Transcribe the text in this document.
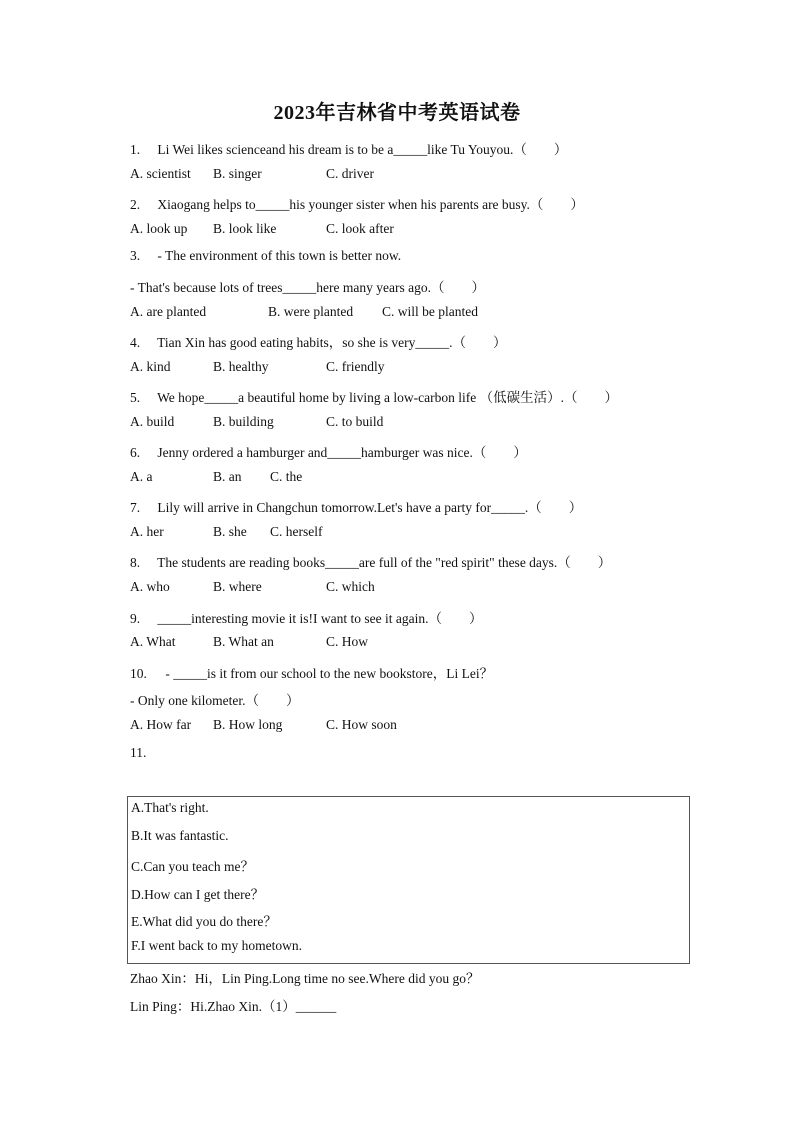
2023年吉林省中考英语试卷
1. Li Wei likes scienceand his dream is to be a_____like Tu Youyou.（　　）
A. scientist B. singer	C. driver
2. Xiaogang helps to_____his younger sister when his parents are busy.（　　）
A. look up B. look like	C. look after
3. - The environment of this town is better now.
- That's because lots of trees_____here many years ago.（　　）
A. are planted	B. were planted C. will be planted
4. Tian Xin has good eating habits，so she is very_____.（　　）
A. kind	B. healthy	C. friendly
5. We hope_____a beautiful home by living a low-carbon life （低碳生活）.（　　）
A. build	B. building	C. to build
6. Jenny ordered a hamburger and_____hamburger was nice.（　　）
A. a	B. an C. the
7. Lily will arrive in Changchun tomorrow.Let's have a party for_____.（　　）
A. her	B. she C. herself
8. The students are reading books_____are full of the "red spirit" these days.（　　）
A. who	B. where	C. which
9. _____interesting movie it is!I want to see it again.（　　）
A. What	B. What an	C. How
10. - _____is it from our school to the new bookstore，Li Lei？
- Only one kilometer.（　　）
A. How far B. How long	C. How soon
11.
A.That's right.
B.It was fantastic.
C.Can you teach me？
D.How can I get there？
E.What did you do there？
F.I went back to my hometown.
Zhao Xin：Hi，Lin Ping.Long time no see.Where did you go？
Lin Ping：Hi.Zhao Xin.（1）______
